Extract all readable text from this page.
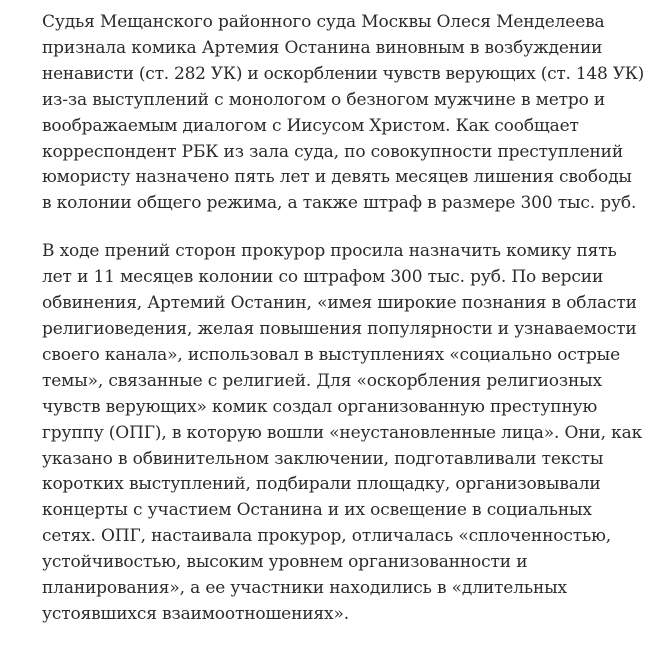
Судья Мещанского районного суда Москвы Олеся Менделеева
признала комика Артемия Останина виновным в возбуждении
ненависти (ст. 282 УК) и оскорблении чувств верующих (ст. 148 УК)
из-за выступлений с монологом о безногом мужчине в метро и
воображаемым диалогом с Иисусом Христом. Как сообщает
корреспондент РБК из зала суда, по совокупности преступлений
юмористу назначено пять лет и девять месяцев лишения свободы
в колонии общего режима, а также штраф в размере 300 тыс. руб.

В ходе прений сторон прокурор просила назначить комику пять
лет и 11 месяцев колонии со штрафом 300 тыс. руб. По версии
обвинения, Артемий Останин, «имея широкие познания в области
религиоведения, желая повышения популярности и узнаваемости
своего канала», использовал в выступлениях «социально острые
темы», связанные с религией. Для «оскорбления религиозных
чувств верующих» комик создал организованную преступную
группу (ОПГ), в которую вошли «неустановленные лица». Они, как
указано в обвинительном заключении, подготавливали тексты
коротких выступлений, подбирали площадку, организовывали
концерты с участием Останина и их освещение в социальных
сетях. ОПГ, настаивала прокурор, отличалась «сплоченностью,
устойчивостью, высоким уровнем организованности и
планирования», а ее участники находились в «длительных
устоявшихся взаимоотношениях».
